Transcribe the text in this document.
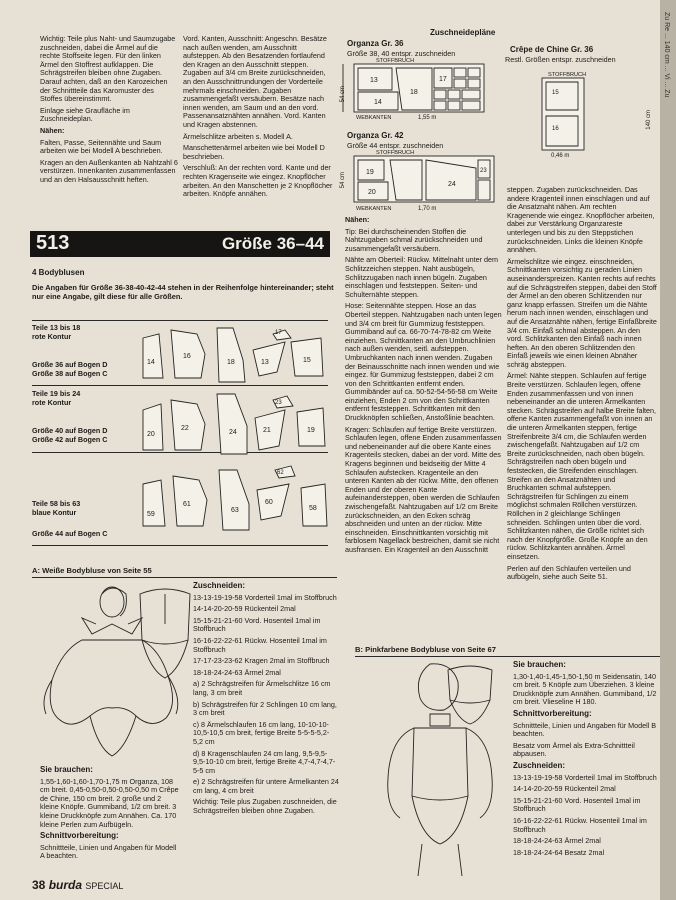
Wichtig: Teile plus Naht- und Saumzugabe zuschneiden, dabei die Ärmel auf die rechte Stoffseite legen. Für den linken Ärmel den Stoffrest aufklappen. Die Schrägstreifen bleiben ohne Zugaben. Darauf achten, daß an den Karozeichen der Schnittteile das Karomuster des Stoffes übereinstimmt.

Einlage siehe Graufläche im Zuschneideplan.

Nähen:

Falten, Passe, Seitennähte und Saum arbeiten wie bei Modell A beschrieben.

Kragen an den Außenkanten ab Nahtzahl 6 verstürzen. Innenkanten zusammenfassen und an den Halsausschnitt heften.

Vord. Kanten, Ausschnitt: Angeschn. Besätze nach außen wenden, am Ausschnitt aufsteppen. Ab den Besatzenden fortlaufend den Kragen an den Ausschnitt steppen. Zugaben auf 3/4 cm Breite zurückschneiden, an den Ausschnittrundungen der Vorderteile mehrmals einschneiden. Zugaben zusammengefaßt versäubern. Besätze nach innen wenden, am Saum und an den vord. Passenansatznähten annähen. Vord. Kanten und Kragen abstennen.

Ärmelschlitze arbeiten s. Modell A.

Manschettenärmel arbeiten wie bei Modell D beschrieben.

Verschluß: An der rechten vord. Kante und der rechten Kragenseite wie eingez. Knopflöcher arbeiten. An den Manschetten je 2 Knopflöcher arbeiten. Knöpfe annähen.

Zuschneidepläne
Organza Gr. 36
Größe 38, 40 entspr. zuschneiden	Crêpe de Chine Gr. 36
Restl. Größen entspr. zuschneiden
13
14
18
17
STOFFBRUCH
54 cm
WEBKANTEN	1,55 m
15
16
STOFFBRUCH
0,46 m
140 cm
Organza Gr. 42
Größe 44 entspr. zuschneiden
19
20
24
23
STOFFBRUCH
54 cm
WEBKANTEN	1,70 m
513	Größe 36–44
4 Bodyblusen
Die Angaben für Größe 36-38-40-42-44 stehen in der Reihenfolge hintereinander; steht nur eine Angabe, gilt diese für alle Größen.
Teile 13 bis 18
rote Kontur
Größe 36 auf Bogen D
Größe 38 auf Bogen C
Teile 19 bis 24
rote Kontur
Größe 40 auf Bogen D
Größe 42 auf Bogen C
Teile 58 bis 63
blaue Kontur
Größe 44 auf Bogen C
14
16
18	13
17
15
20
22
24	21
23
19
59
61
63
60
62
58

Nähen:

Tip: Bei durchscheinenden Stoffen die Nahtzugaben schmal zurückschneiden und zusammengefaßt versäubern.

Nähte am Oberteil: Rückw. Mittelnaht unter dem Schlitzzeichen steppen. Naht ausbügeln, Schlitzzugaben nach innen bügeln. Zugaben einschlagen und feststeppen. Seiten- und Schulternähte steppen.

Hose: Seitennähte steppen. Hose an das Oberteil steppen. Nahtzugaben nach unten legen und 3/4 cm breit für Gummizug feststeppen. Gummiband auf ca. 66-70-74-78-82 cm Weite einziehen. Schnittkanten an den Umbruchlinien nach außen wenden, seitl. aufsteppen. Umbruchkanten nach innen wenden. Zugaben der Beinausschnitte nach innen wenden und wie eingez. für Gummizug feststeppen, dabei 2 cm von den Schrittkanten entfernt enden. Gummibänder auf ca. 50-52-54-56-58 cm Weite einziehen, Enden 2 cm von den Schrittkanten entfernt feststeppen. Schrittkanten mit den Druckknöpfen schließen, Anstoßlinie beachten.

Kragen: Schlaufen auf fertige Breite verstürzen. Schlaufen legen, offene Enden zusammenfassen und nebeneinander auf die obere Kante eines Kragenteils stecken, dabei an der vord. Mitte des Kragens beginnen und beidseitig der Mitte 4 Schlaufen aufstecken. Kragenteile an den unteren Kanten ab der rückw. Mitte, den offenen Enden und der oberen Kante aufeinandersteppen, oben werden die Schlaufen zwischengefaßt. Nahtzugaben auf 1/2 cm Breite zurückschneiden, an den Ecken schräg abschneiden und unten an der rückw. Mitte einschneiden. Einschnittkanten vorsichtig mit farblosem Nagellack bestreichen, damit sie nicht ausfransen. Ein Kragenteil an den Ausschnitt

steppen. Zugaben zurückschneiden. Das andere Kragenteil innen einschlagen und auf die Ansatznaht nähen. Am rechten Kragenende wie eingez. Knopflöcher arbeiten, dabei zur Verstärkung Organzareste unterlegen und bis zu den Steppstichen zurückschneiden. Links die kleinen Knöpfe annähen.

Ärmelschlitze wie eingez. einschneiden, Schnittkanten vorsichtig zu geraden Linien auseinanderspreizen. Kanten rechts auf rechts auf die Schrägstreifen steppen, dabei den Stoff der Ärmel an den oberen Schlitzenden nur ganz knapp erfassen. Streifen um die Nähte herum nach innen wenden, einschlagen und auf die Ansatznähte nähen, fertige Einfaßbreite 3/4 cm. Einfaß schmal absteppen. An den vord. Schlitzkanten den Einfaß nach innen heften. An den oberen Schlitzenden den Einfaß jeweils wie einen kleinen Abnäher schräg absteppen.

Ärmel: Nähte steppen. Schlaufen auf fertige Breite verstürzen. Schlaufen legen, offene Enden zusammenfassen und von innen nebeneinander an die unteren Ärmelkanten stecken. Schrägstreifen auf halbe Breite falten, offene Kanten zusammengefaßt von innen an die unteren Ärmelkanten steppen, fertige Streifenbreite 3/4 cm, die Schlaufen werden zwischengefaßt. Nahtzugaben auf 1/2 cm Breite zurückschneiden, nach oben bügeln. Schrägstreifen nach oben bügeln und feststecken, die Streifenden einschlagen. Streifen an den Ansatznähten und Bruchkanten schmal aufsteppen. Schrägstreifen für Schlingen zu einem möglichst schmalen Röllchen verstürzen. Röllchen in 2 gleichlange Schlingen schneiden. Schlingen unten über die vord. Schlitzkanten nähen, die Größe richtet sich nach der Knopfgröße. Große Knöpfe an den rückw. Schlitzkanten annähen. Ärmel einsetzen.

Perlen auf den Schlaufen verteilen und aufbügeln, siehe auch Seite 51.

A: Weiße Bodybluse von Seite 55

Zuschneiden:

13-13-19-19-58 Vorderteil 1mal im Stoffbruch

14-14-20-20-59 Rückenteil 2mal

15-15-21-21-60 Vord. Hosenteil 1mal im Stoffbruch

16-16-22-22-61 Rückw. Hosenteil 1mal im Stoffbruch

17-17-23-23-62 Kragen 2mal im Stoffbruch

18-18-24-24-63 Ärmel 2mal

a) 2 Schrägstreifen für Ärmelschlitze 16 cm lang, 3 cm breit

b) Schrägstreifen für 2 Schlingen 10 cm lang, 3 cm breit

c) 8 Ärmelschlaufen 16 cm lang, 10-10-10-10,5-10,5 cm breit, fertige Breite 5-5-5-5,2-5,2 cm

d) 8 Kragenschlaufen 24 cm lang, 9,5-9,5-9,5-10-10 cm breit, fertige Breite 4,7-4,7-4,7-5-5 cm

e) 2 Schrägstreifen für untere Ärmelkanten 24 cm lang, 4 cm breit

Wichtig: Teile plus Zugaben zuschneiden, die Schrägstreifen bleiben ohne Zugaben.

Sie brauchen:

1,55-1,60-1,60-1,70-1,75 m Organza, 108 cm breit. 0,45-0,50-0,50-0,50-0,50 m Crêpe de Chine, 150 cm breit. 2 große und 2 kleine Knöpfe. Gummiband, 1/2 cm breit. 3 kleine Druckknöpfe zum Annähen. Ca. 170 kleine Perlen zum Aufbügeln.

Schnittvorbereitung:

Schnittteile, Linien und Angaben für Modell A beachten.

B: Pinkfarbene Bodybluse von Seite 67

Sie brauchen:

1,30-1,40-1,45-1,50-1,50 m Seidensatin, 140 cm breit. 5 Knöpfe zum Überziehen. 3 kleine Druckknöpfe zum Annähen. Gummiband, 1/2 cm breit. Vlieseline H 180.

Schnittvorbereitung:

Schnittteile, Linien und Angaben für Modell B beachten.

Besatz vom Ärmel als Extra-Schnittteil abpausen.

Zuschneiden:

13-13-19-19-58 Vorderteil 1mal im Stoffbruch

14-14-20-20-59 Rückenteil 2mal

15-15-21-21-60 Vord. Hosenteil 1mal im Stoffbruch

16-16-22-22-61 Rückw. Hosenteil 1mal im Stoffbruch

18-18-24-24-63 Ärmel 2mal

18-18-24-24-64 Besatz 2mal

38 burda SPECIAL
Zu Re ... 140 cm ... Vi ... Zu
